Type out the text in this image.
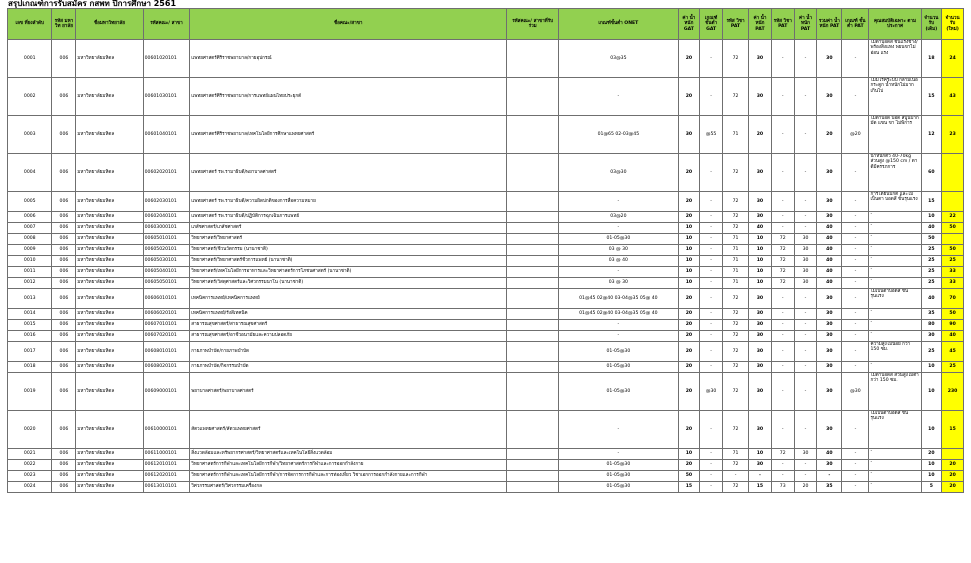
สรุปเกณฑ์การรับสมัคร กสพท ปีการศึกษา 2561
เลข ที่ยงลำดับ	รหัส มหาวิท ยาลัย	ชื่อมหาวิทยาลัย	รหัสคณะ/ สาขา	ชื่อคณะ/สาขา	รหัสคณะ/ สาขาที่รับ ร่วม	เกณฑ์ขั้นต่ำ ONET	ค่า น้ำหนัก GAT	เกณฑ์ ขั้นต่ำ GAT	รหัส วิชา PAT	ค่า น้ำหนัก PAT	รหัส วิชา PAT	ค่า น้ำหนัก PAT	รวมค่า น้ำหนัก PAT	เกณฑ์ ขั้นต่ำ PAT	คุณสมบัติเฉพาะ ตามประกาศ	จำนวน รับ (เดิม)	จำนวน รับ (ใหม่)
0001	006	มหาวิทยาลัยมหิดล	00601020101	แพทยศาสตร์ศิริราชพยาบาล/กายอุปกรณ์		03@35	20	-	72	30	-	-	30	-	ไม่ตาบอดสี ชนแรงข้าง/ พร้องสิ่งแทง พยนขาไม่อ่อน แรง	18	24
0002	006	มหาวิทยาลัยมหิดล	00601030101	แพทยศาสตร์ศิริราชพยาบาล/การแพทย์แผนไทยประยุกต์		-	20	-	72	30	-	-	30	-	ไม่มีโรคระบบ กล้ามเนื้อกระดูก น้ำหนักไม่มาก เกินไป	15	43
0003	006	มหาวิทยาลัยมหิดล	00601040101	แพทยศาสตร์ศิริราชพยาบาล/เทคโนโลยีการศึกษาแพทยศาสตร์		01@65 02-03@45	30	@55	71	20	-	-	20	@20	ไม่ตาบอด บอด สีบูนบาก มัด แขน ขา ไม่พิการ	12	23
0004	006	มหาวิทยาลัยมหิดล	00602020101	แพทยศาสตร์ รพ.รามาธิบดี/พยาบาลศาสตร์		03@30	20	-	72	30	-	-	30	-	น้ำหนักตัว 40-70kg ส่วนสูง @150 cm / ตาดีมีครรภการ	60	
0005	006	มหาวิทยาลัยมหิดล	00602030101	แพทยศาสตร์ รพ.รามาธิบดี/ความผิดปกติของการสื่อความหมาย		-	20	-	72	30	-	-	30	-	การได้ยินปกติ และไม่เป็นตา บอดสี ขั้นรุนแรง	15	
0006	006	มหาวิทยาลัยมหิดล	00602040101	แพทยศาสตร์ รพ.รามาธิบดี/ปฏิบัติการฉุกเฉินการแพทย์		03@20	20	-	72	30	-	-	30	-	-	10	22
0007	006	มหาวิทยาลัยมหิดล	00603000101	เภสัชศาสตร์/เภสัชศาสตร์		-	10	-	72	40	-	-	40	-	-	40	50
0008	006	มหาวิทยาลัยมหิดล	00605010101	วิทยาศาสตร์/วิทยาศาสตร์		01-05@30	10	-	71	10	72	30	40	-	-	50	
0009	006	มหาวิทยาลัยมหิดล	00605020101	วิทยาศาสตร์/ชีวนวัตกรรม (นานาชาติ)		03 @ 30	10	-	71	10	72	30	40	-	-	25	50
0010	006	มหาวิทยาลัยมหิดล	00605030101	วิทยาศาสตร์/วิทยาศาสตร์ชีวการแพทย์ (นานาชาติ)		03 @ 40	10	-	71	10	72	30	40	-	-	25	25
0011	006	มหาวิทยาลัยมหิดล	00605040101	วิทยาศาสตร์/เทคโนโลยีการอาหารและวิทยาศาสตร์การโภชนศาสตร์ (นานาชาติ)		-	10	-	71	10	72	30	40	-	-	25	33
0012	006	มหาวิทยาลัยมหิดล	00605050101	วิทยาศาสตร์/วัสดุศาสตร์และวิศวกรรมนาโน (นานาชาติ)		03 @ 30	10	-	71	10	72	30	40	-	-	25	33
0013	006	มหาวิทยาลัยมหิดล	00606010101	เทคนิคการแพทย์/เทคนิคการแพทย์		01@45 02@40 03-04@35 05@ 40	20	-	72	30	-	-	30	-	ไม่เป็นตาบอดสี ขั้นรุนแรง	40	70
0014	006	มหาวิทยาลัยมหิดล	00606020101	เทคนิคการแพทย์/รังสีเทคนิค		01@45 02@40 03-04@35 05@ 40	20	-	72	30	-	-	30	-	-	35	50
0015	006	มหาวิทยาลัยมหิดล	00607010101	สาธารณสุขศาสตร์/สาธารณสุขศาสตร์		-	20	-	72	30	-	-	30	-	-	80	90
0016	006	มหาวิทยาลัยมหิดล	00607020101	สาธารณสุขศาสตร์/อาชีวอนามัยและความปลอดภัย		-	20	-	72	30	-	-	30	-	-	30	40
0017	006	มหาวิทยาลัยมหิดล	00608010101	กายภาพบำบัด/กายภาพบำบัด		01-05@30	20	-	72	30	-	-	30	-	ความสูงไม่น้อย กว่า 150 ซม.	25	45
0018	006	มหาวิทยาลัยมหิดล	00608020101	กายภาพบำบัด/กิจกรรมบำบัด		01-05@30	20	-	72	30	-	-	30	-	-	10	25
0019	006	มหาวิทยาลัยมหิดล	00609000101	พยาบาลศาสตร์/พยาบาลศาสตร์		01-05@30	20	@30	72	30	-	-	30	@30	ไม่ตาบอดสี ส่วนสูงไม่ต่ำกว่า 150 ซม.	10	230
0020	006	มหาวิทยาลัยมหิดล	00610000101	สัตวแพทยศาสตร์/สัตวแพทยศาสตร์		-	20	-	72	30	-	-	30	-	ไม่เป็นตาบอดสี ขั้นรุนแรง	10	15
0021	006	มหาวิทยาลัยมหิดล	00611000101	สิ่งแวดล้อมและทรัพยากรศาสตร์/วิทยาศาสตร์และเทคโนโลยีสิ่งแวดล้อม		-	10	-	71	10	72	30	40	-	-	20	
0022	006	มหาวิทยาลัยมหิดล	00612010101	วิทยาศาสตร์การกีฬาและเทคโนโลยีการกีฬา/วิทยาศาสตร์การกีฬาและการออกกำลังกาย		01-05@30	20	-	72	30	-	-	30	-	-	10	20
0023	006	มหาวิทยาลัยมหิดล	00612020101	วิทยาศาสตร์การกีฬาและเทคโนโลยีการกีฬา/การจัดการการกีฬาและการท่องเที่ยว วิชาเอกการออกกำลังกายและการกีฬา		01-05@30	50	-	-	-	-	-	-	-	-	10	20
0024	006	มหาวิทยาลัยมหิดล	00613010101	วิศวกรรมศาสตร์/วิศวกรรมเครื่องกล		01-05@30	15	-	72	15	73	20	35	-	-	5	20
